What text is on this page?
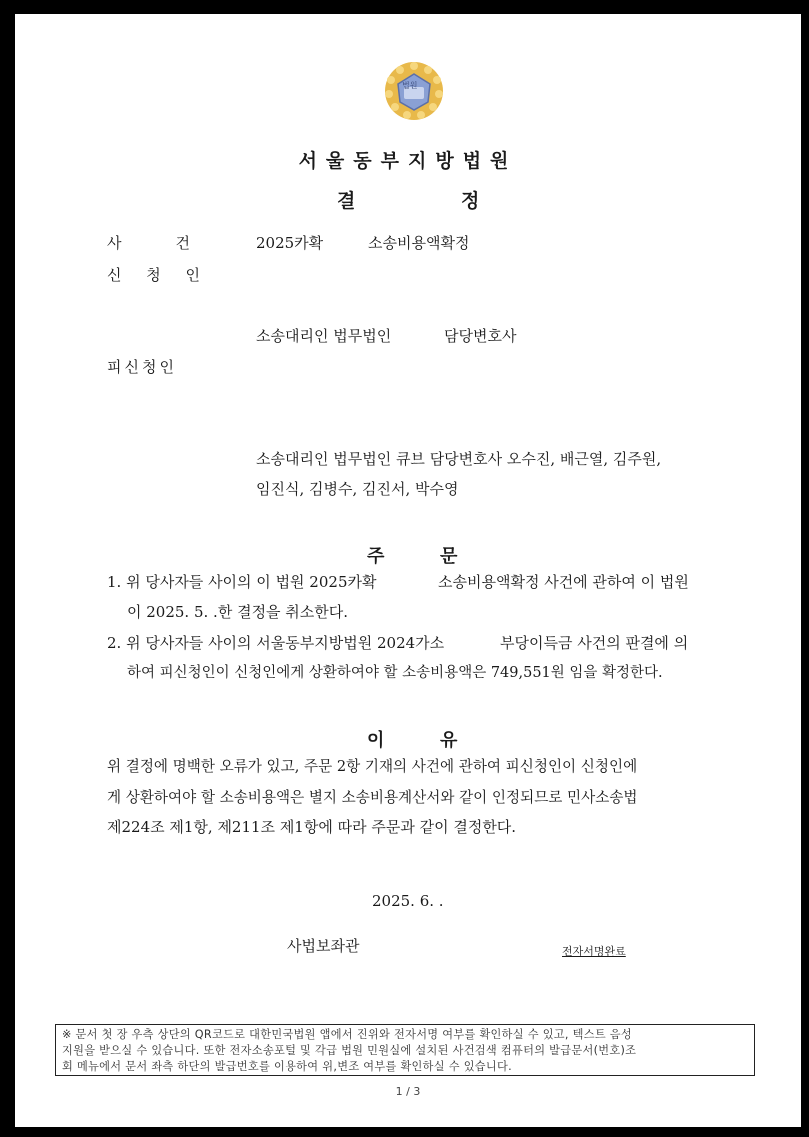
법원
서울동부지방법원
결	정
사	건	2025카확	소송비용액확정
신 청 인
소송대리인 법무법인	담당변호사
피신청인
소송대리인 법무법인 큐브 담당변호사 오수진, 배근열, 김주원,
임진식, 김병수, 김진서, 박수영
주	문
1. 위 당사자들 사이의 이 법원 2025카확	소송비용액확정 사건에 관하여 이 법원
이 2025. 5. .한 결정을 취소한다.
2. 위 당사자들 사이의 서울동부지방법원 2024가소	부당이득금 사건의 판결에 의
하여 피신청인이 신청인에게 상환하여야 할 소송비용액은 749,551원 임을 확정한다.
이	유
위 결정에 명백한 오류가 있고, 주문 2항 기재의 사건에 관하여 피신청인이 신청인에
게 상환하여야 할 소송비용액은 별지 소송비용계산서와 같이 인정되므로 민사소송법
제224조 제1항, 제211조 제1항에 따라 주문과 같이 결정한다.
2025. 6. .
사법보좌관	전자서명완료
※ 문서 첫 장 우측 상단의 QR코드로 대한민국법원 앱에서 진위와 전자서명 여부를 확인하실 수 있고, 텍스트 음성
지원을 받으실 수 있습니다. 또한 전자소송포털 및 각급 법원 민원실에 설치된 사건검색 컴퓨터의 발급문서(번호)조
회 메뉴에서 문서 좌측 하단의 발급번호를 이용하여 위,변조 여부를 확인하실 수 있습니다.
1 / 3
